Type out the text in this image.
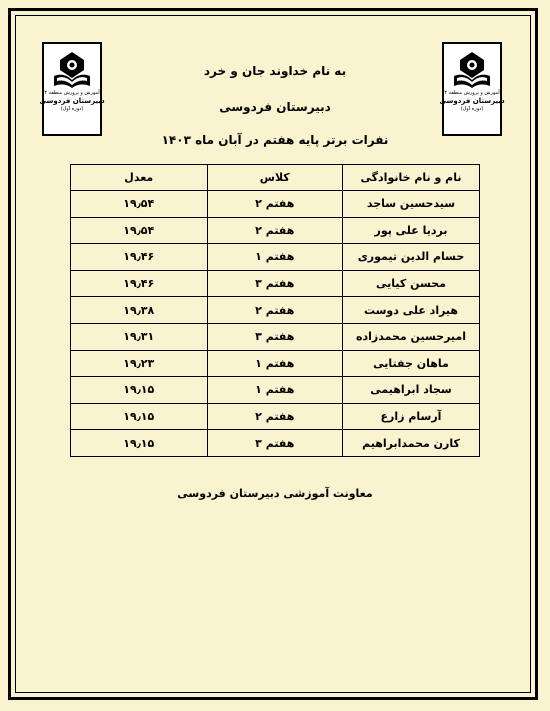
آموزش و پرورش منطقه ۴
دبیرستان فردوسی
(دوره اول)
آموزش و پرورش منطقه ۴
دبیرستان فردوسی
(دوره اول)
به نام خداوند جان و خرد
دبیرستان فردوسی
نفرات برتر پایه هفتم در آبان ماه ۱۴۰۳
نام و نام خانوادگی	کلاس	معدل
سیدحسین ساجد	هفتم ۲	۱۹٫۵۴
بردیا علی پور	هفتم ۲	۱۹٫۵۴
حسام الدین تیموری	هفتم ۱	۱۹٫۴۶
محسن کیایی	هفتم ۳	۱۹٫۴۶
هیراد علی دوست	هفتم ۲	۱۹٫۳۸
امیرحسین محمدزاده	هفتم ۳	۱۹٫۳۱
ماهان جفتایی	هفتم ۱	۱۹٫۲۳
سجاد ابراهیمی	هفتم ۱	۱۹٫۱۵
آرسام زارع	هفتم ۲	۱۹٫۱۵
کارن محمدابراهیم	هفتم ۳	۱۹٫۱۵
معاونت آموزشی دبیرستان فردوسی
